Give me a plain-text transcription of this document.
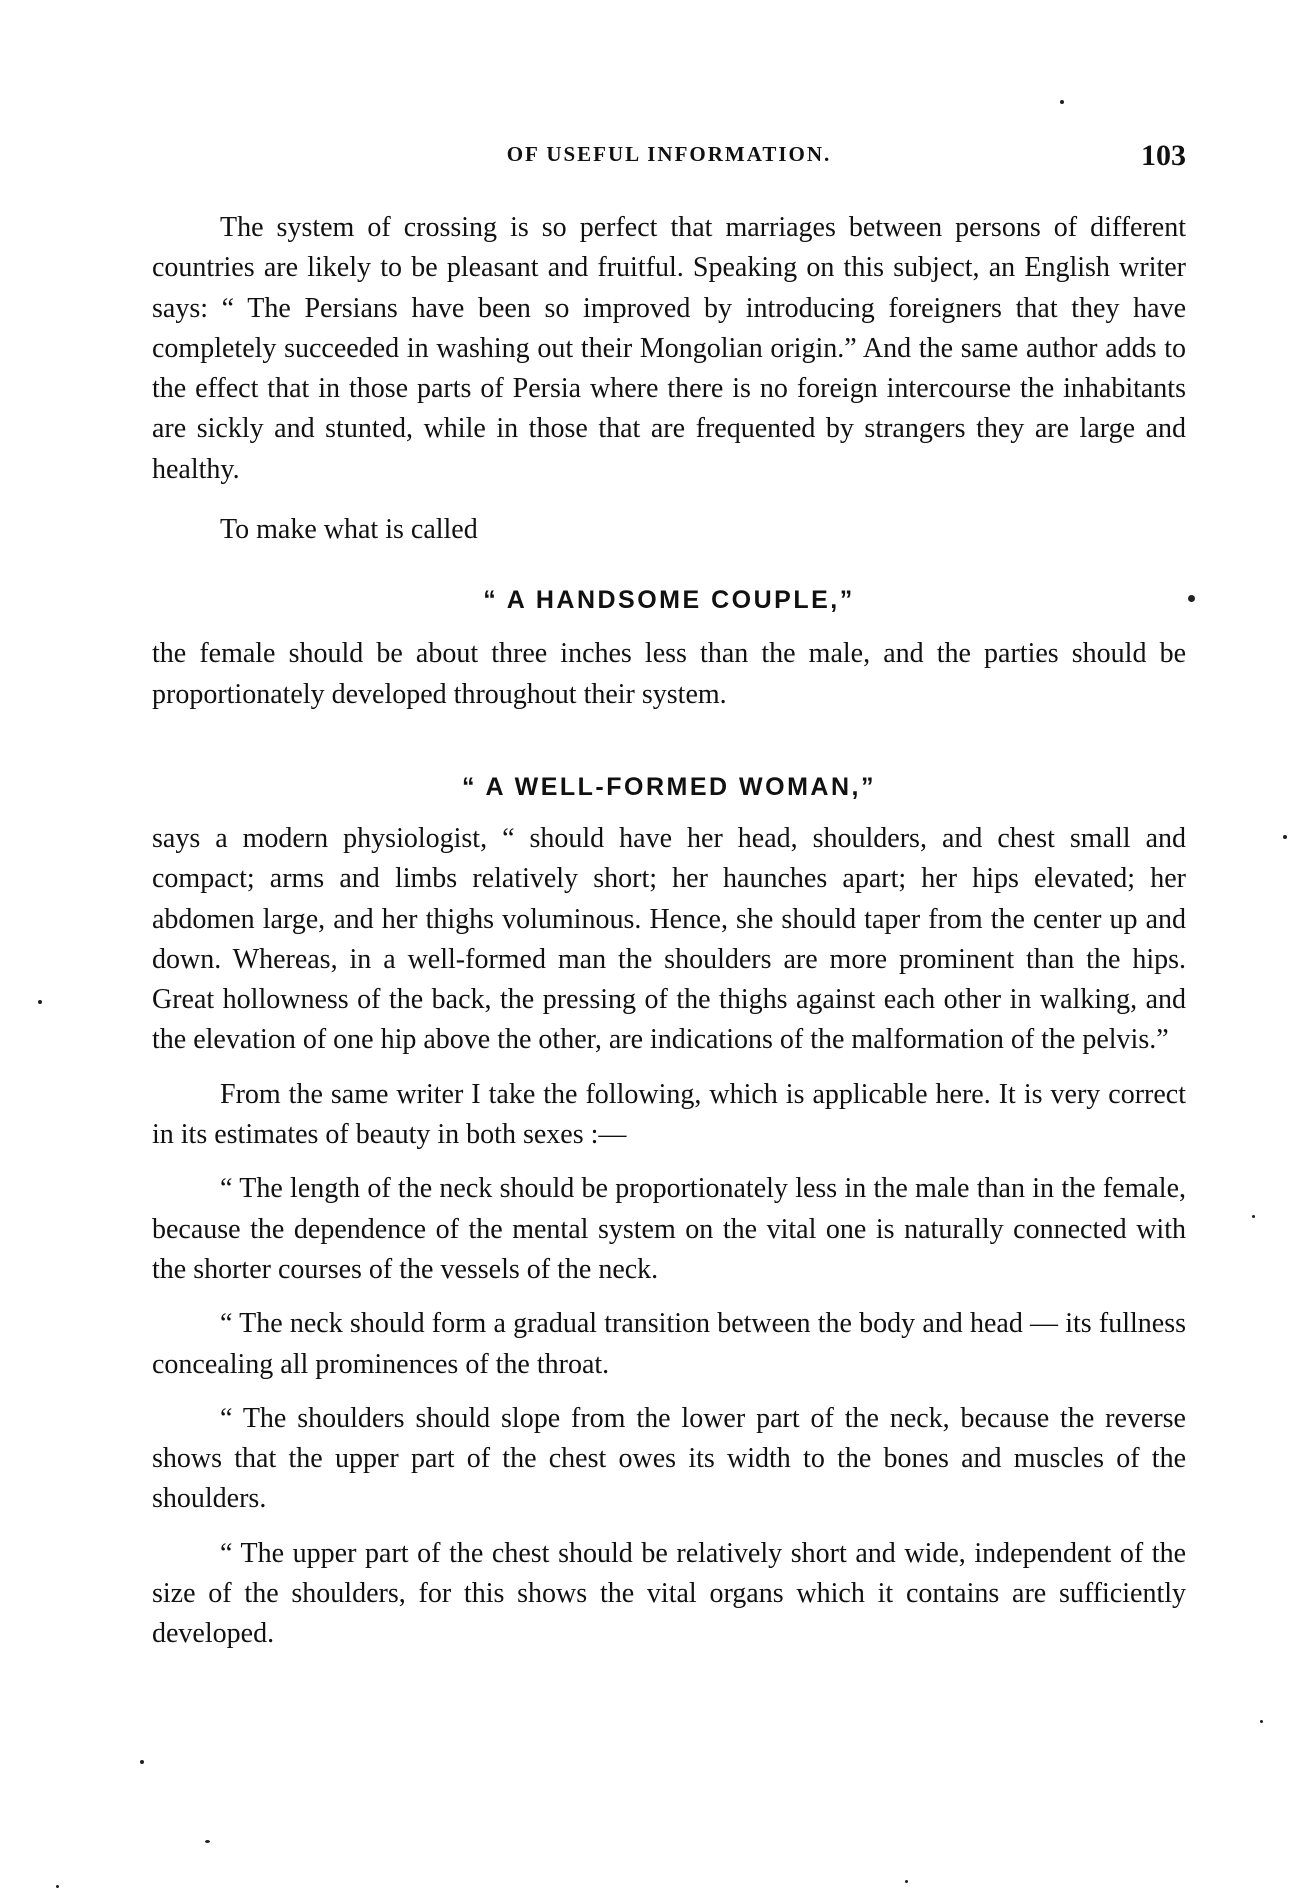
OF USEFUL INFORMATION.	103

The system of crossing is so perfect that marriages between persons of different countries are likely to be pleasant and fruitful. Speaking on this subject, an English writer says: “ The Persians have been so improved by introducing foreigners that they have completely succeeded in washing out their Mongolian origin.” And the same author adds to the effect that in those parts of Persia where there is no foreign intercourse the inhabitants are sickly and stunted, while in those that are frequented by strangers they are large and healthy.

To make what is called

“ A HANDSOME COUPLE,”

the female should be about three inches less than the male, and the parties should be proportionately developed throughout their system.

“ A WELL-FORMED WOMAN,”

says a modern physiologist, “ should have her head, shoulders, and chest small and compact; arms and limbs relatively short; her haunches apart; her hips elevated; her abdomen large, and her thighs voluminous. Hence, she should taper from the center up and down. Whereas, in a well-formed man the shoulders are more prominent than the hips. Great hollowness of the back, the pressing of the thighs against each other in walking, and the elevation of one hip above the other, are indications of the malformation of the pelvis.”

From the same writer I take the following, which is applicable here. It is very correct in its estimates of beauty in both sexes :—

“ The length of the neck should be proportionately less in the male than in the female, because the dependence of the mental system on the vital one is naturally connected with the shorter courses of the vessels of the neck.

“ The neck should form a gradual transition between the body and head — its fullness concealing all prominences of the throat.

“ The shoulders should slope from the lower part of the neck, because the reverse shows that the upper part of the chest owes its width to the bones and muscles of the shoulders.

“ The upper part of the chest should be relatively short and wide, independent of the size of the shoulders, for this shows the vital organs which it contains are sufficiently developed.
